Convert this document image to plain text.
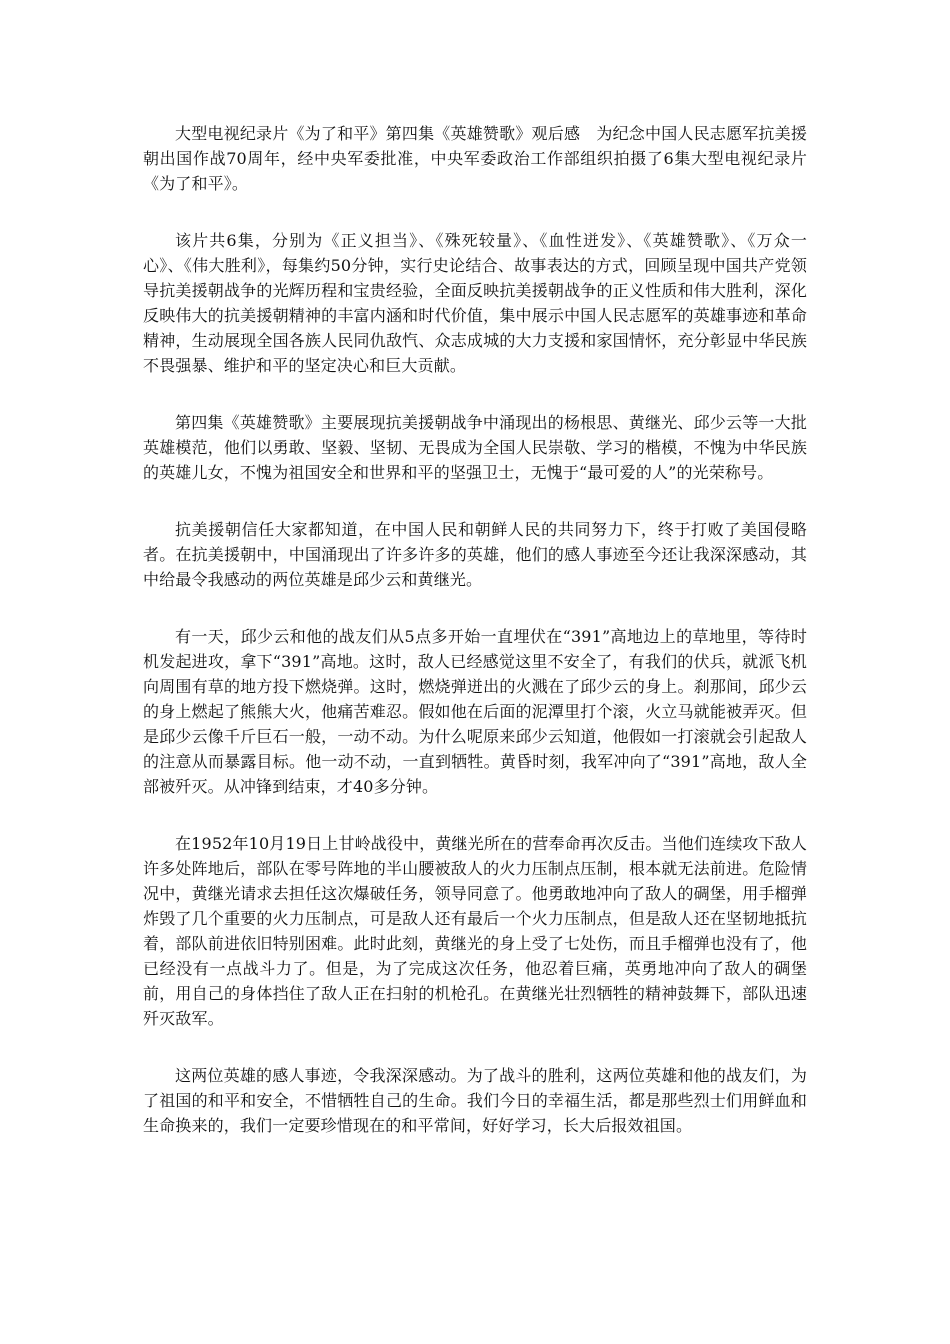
大型电视纪录片《为了和平》第四集《英雄赞歌》观后感　为纪念中国人民志愿军抗美援朝出国作战70周年，经中央军委批准，中央军委政治工作部组织拍摄了6集大型电视纪录片《为了和平》。

该片共6集，分别为《正义担当》、《殊死较量》、《血性迸发》、《英雄赞歌》、《万众一心》、《伟大胜利》，每集约50分钟，实行史论结合、故事表达的方式，回顾呈现中国共产党领导抗美援朝战争的光辉历程和宝贵经验，全面反映抗美援朝战争的正义性质和伟大胜利，深化反映伟大的抗美援朝精神的丰富内涵和时代价值，集中展示中国人民志愿军的英雄事迹和革命精神，生动展现全国各族人民同仇敌忾、众志成城的大力支援和家国情怀，充分彰显中华民族不畏强暴、维护和平的坚定决心和巨大贡献。

第四集《英雄赞歌》主要展现抗美援朝战争中涌现出的杨根思、黄继光、邱少云等一大批英雄模范，他们以勇敢、坚毅、坚韧、无畏成为全国人民崇敬、学习的楷模，不愧为中华民族的英雄儿女，不愧为祖国安全和世界和平的坚强卫士，无愧于“最可爱的人”的光荣称号。

抗美援朝信任大家都知道，在中国人民和朝鲜人民的共同努力下，终于打败了美国侵略者。在抗美援朝中，中国涌现出了许多许多的英雄，他们的感人事迹至今还让我深深感动，其中给最令我感动的两位英雄是邱少云和黄继光。

有一天，邱少云和他的战友们从5点多开始一直埋伏在“391”高地边上的草地里，等待时机发起进攻，拿下“391”高地。这时，敌人已经感觉这里不安全了，有我们的伏兵，就派飞机向周围有草的地方投下燃烧弹。这时，燃烧弹迸出的火溅在了邱少云的身上。刹那间，邱少云的身上燃起了熊熊大火，他痛苦难忍。假如他在后面的泥潭里打个滚，火立马就能被弄灭。但是邱少云像千斤巨石一般，一动不动。为什么呢原来邱少云知道，他假如一打滚就会引起敌人的注意从而暴露目标。他一动不动，一直到牺牲。黄昏时刻，我军冲向了“391”高地，敌人全部被歼灭。从冲锋到结束，才40多分钟。

在1952年10月19日上甘岭战役中，黄继光所在的营奉命再次反击。当他们连续攻下敌人许多处阵地后，部队在零号阵地的半山腰被敌人的火力压制点压制，根本就无法前进。危险情况中，黄继光请求去担任这次爆破任务，领导同意了。他勇敢地冲向了敌人的碉堡，用手榴弹炸毁了几个重要的火力压制点，可是敌人还有最后一个火力压制点，但是敌人还在坚韧地抵抗着，部队前进依旧特别困难。此时此刻，黄继光的身上受了七处伤，而且手榴弹也没有了，他已经没有一点战斗力了。但是，为了完成这次任务，他忍着巨痛，英勇地冲向了敌人的碉堡前，用自己的身体挡住了敌人正在扫射的机枪孔。在黄继光壮烈牺牲的精神鼓舞下，部队迅速歼灭敌军。

这两位英雄的感人事迹，令我深深感动。为了战斗的胜利，这两位英雄和他的战友们，为了祖国的和平和安全，不惜牺牲自己的生命。我们今日的幸福生活，都是那些烈士们用鲜血和生命换来的，我们一定要珍惜现在的和平常间，好好学习，长大后报效祖国。
